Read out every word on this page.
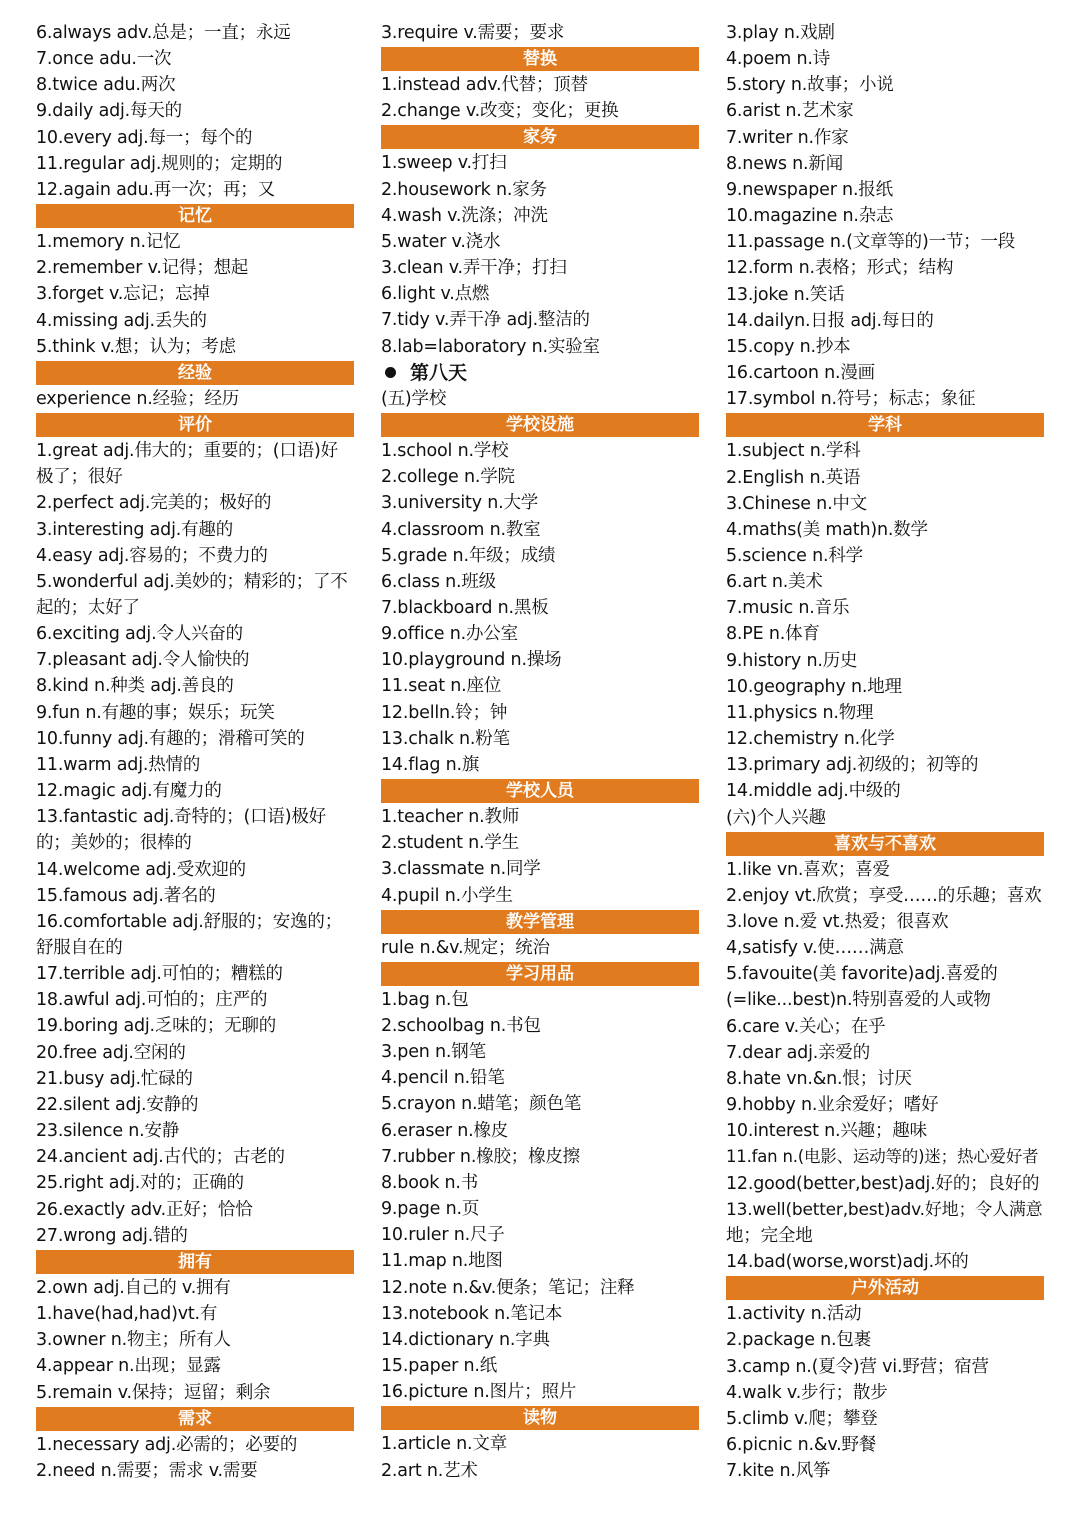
6.always adv.总是；一直；永远
7.once adu.一次
8.twice adu.两次
9.daily adj.每天的
10.every adj.每一；每个的
11.regular adj.规则的；定期的
12.again adu.再一次；再；又
记忆
1.memory n.记忆
2.remember v.记得；想起
3.forget v.忘记；忘掉
4.missing adj.丢失的
5.think v.想；认为；考虑
经验
experience n.经验；经历
评价
1.great adj.伟大的；重要的；(口语)好
极了；很好
2.perfect adj.完美的；极好的
3.interesting adj.有趣的
4.easy adj.容易的；不费力的
5.wonderful adj.美妙的；精彩的；了不
起的；太好了
6.exciting adj.令人兴奋的
7.pleasant adj.令人愉快的
8.kind n.种类 adj.善良的
9.fun n.有趣的事；娱乐；玩笑
10.funny adj.有趣的；滑稽可笑的
11.warm adj.热情的
12.magic adj.有魔力的
13.fantastic adj.奇特的；(口语)极好
的；美妙的；很棒的
14.welcome adj.受欢迎的
15.famous adj.著名的
16.comfortable adj.舒服的；安逸的；
舒服自在的
17.terrible adj.可怕的；糟糕的
18.awful adj.可怕的；庄严的
19.boring adj.乏味的；无聊的
20.free adj.空闲的
21.busy adj.忙碌的
22.silent adj.安静的
23.silence n.安静
24.ancient adj.古代的；古老的
25.right adj.对的；正确的
26.exactly adv.正好；恰恰
27.wrong adj.错的
拥有
2.own adj.自己的 v.拥有
1.have(had,had)vt.有
3.owner n.物主；所有人
4.appear n.出现；显露
5.remain v.保持；逗留；剩余
需求
1.necessary adj.必需的；必要的
2.need n.需要；需求 v.需要
3.require v.需要；要求
替换
1.instead adv.代替；顶替
2.change v.改变；变化；更换
家务
1.sweep v.打扫
2.housework n.家务
4.wash v.洗涤；冲洗
5.water v.浇水
3.clean v.弄干净；打扫
6.light v.点燃
7.tidy v.弄干净 adj.整洁的
8.lab=laboratory n.实验室
第八天
(五)学校
学校设施
1.school n.学校
2.college n.学院
3.university n.大学
4.classroom n.教室
5.grade n.年级；成绩
6.class n.班级
7.blackboard n.黑板
9.office n.办公室
10.playground n.操场
11.seat n.座位
12.belln.铃；钟
13.chalk n.粉笔
14.flag n.旗
学校人员
1.teacher n.教师
2.student n.学生
3.classmate n.同学
4.pupil n.小学生
教学管理
rule n.&v.规定；统治
学习用品
1.bag n.包
2.schoolbag n.书包
3.pen n.钢笔
4.pencil n.铅笔
5.crayon n.蜡笔；颜色笔
6.eraser n.橡皮
7.rubber n.橡胶；橡皮擦
8.book n.书
9.page n.页
10.ruler n.尺子
11.map n.地图
12.note n.&v.便条；笔记；注释
13.notebook n.笔记本
14.dictionary n.字典
15.paper n.纸
16.picture n.图片；照片
读物
1.article n.文章
2.art n.艺术
3.play n.戏剧
4.poem n.诗
5.story n.故事；小说
6.arist n.艺术家
7.writer n.作家
8.news n.新闻
9.newspaper n.报纸
10.magazine n.杂志
11.passage n.(文章等的)一节；一段
12.form n.表格；形式；结构
13.joke n.笑话
14.dailyn.日报 adj.每日的
15.copy n.抄本
16.cartoon n.漫画
17.symbol n.符号；标志；象征
学科
1.subject n.学科
2.English n.英语
3.Chinese n.中文
4.maths(美 math)n.数学
5.science n.科学
6.art n.美术
7.music n.音乐
8.PE n.体育
9.history n.历史
10.geography n.地理
11.physics n.物理
12.chemistry n.化学
13.primary adj.初级的；初等的
14.middle adj.中级的
(六)个人兴趣
喜欢与不喜欢
1.like vn.喜欢；喜爱
2.enjoy vt.欣赏；享受……的乐趣；喜欢
3.love n.爱 vt.热爱；很喜欢
4,satisfy v.使……满意
5.favouite(美 favorite)adj.喜爱的
(=like...best)n.特别喜爱的人或物
6.care v.关心；在乎
7.dear adj.亲爱的
8.hate vn.&n.恨；讨厌
9.hobby n.业余爱好；嗜好
10.interest n.兴趣；趣味
11.fan n.(电影、运动等的)迷；热心爱好者
12.good(better,best)adj.好的；良好的
13.well(better,best)adv.好地；令人满意
地；完全地
14.bad(worse,worst)adj.坏的
户外活动
1.activity n.活动
2.package n.包裹
3.camp n.(夏令)营 vi.野营；宿营
4.walk v.步行；散步
5.climb v.爬；攀登
6.picnic n.&v.野餐
7.kite n.风筝
